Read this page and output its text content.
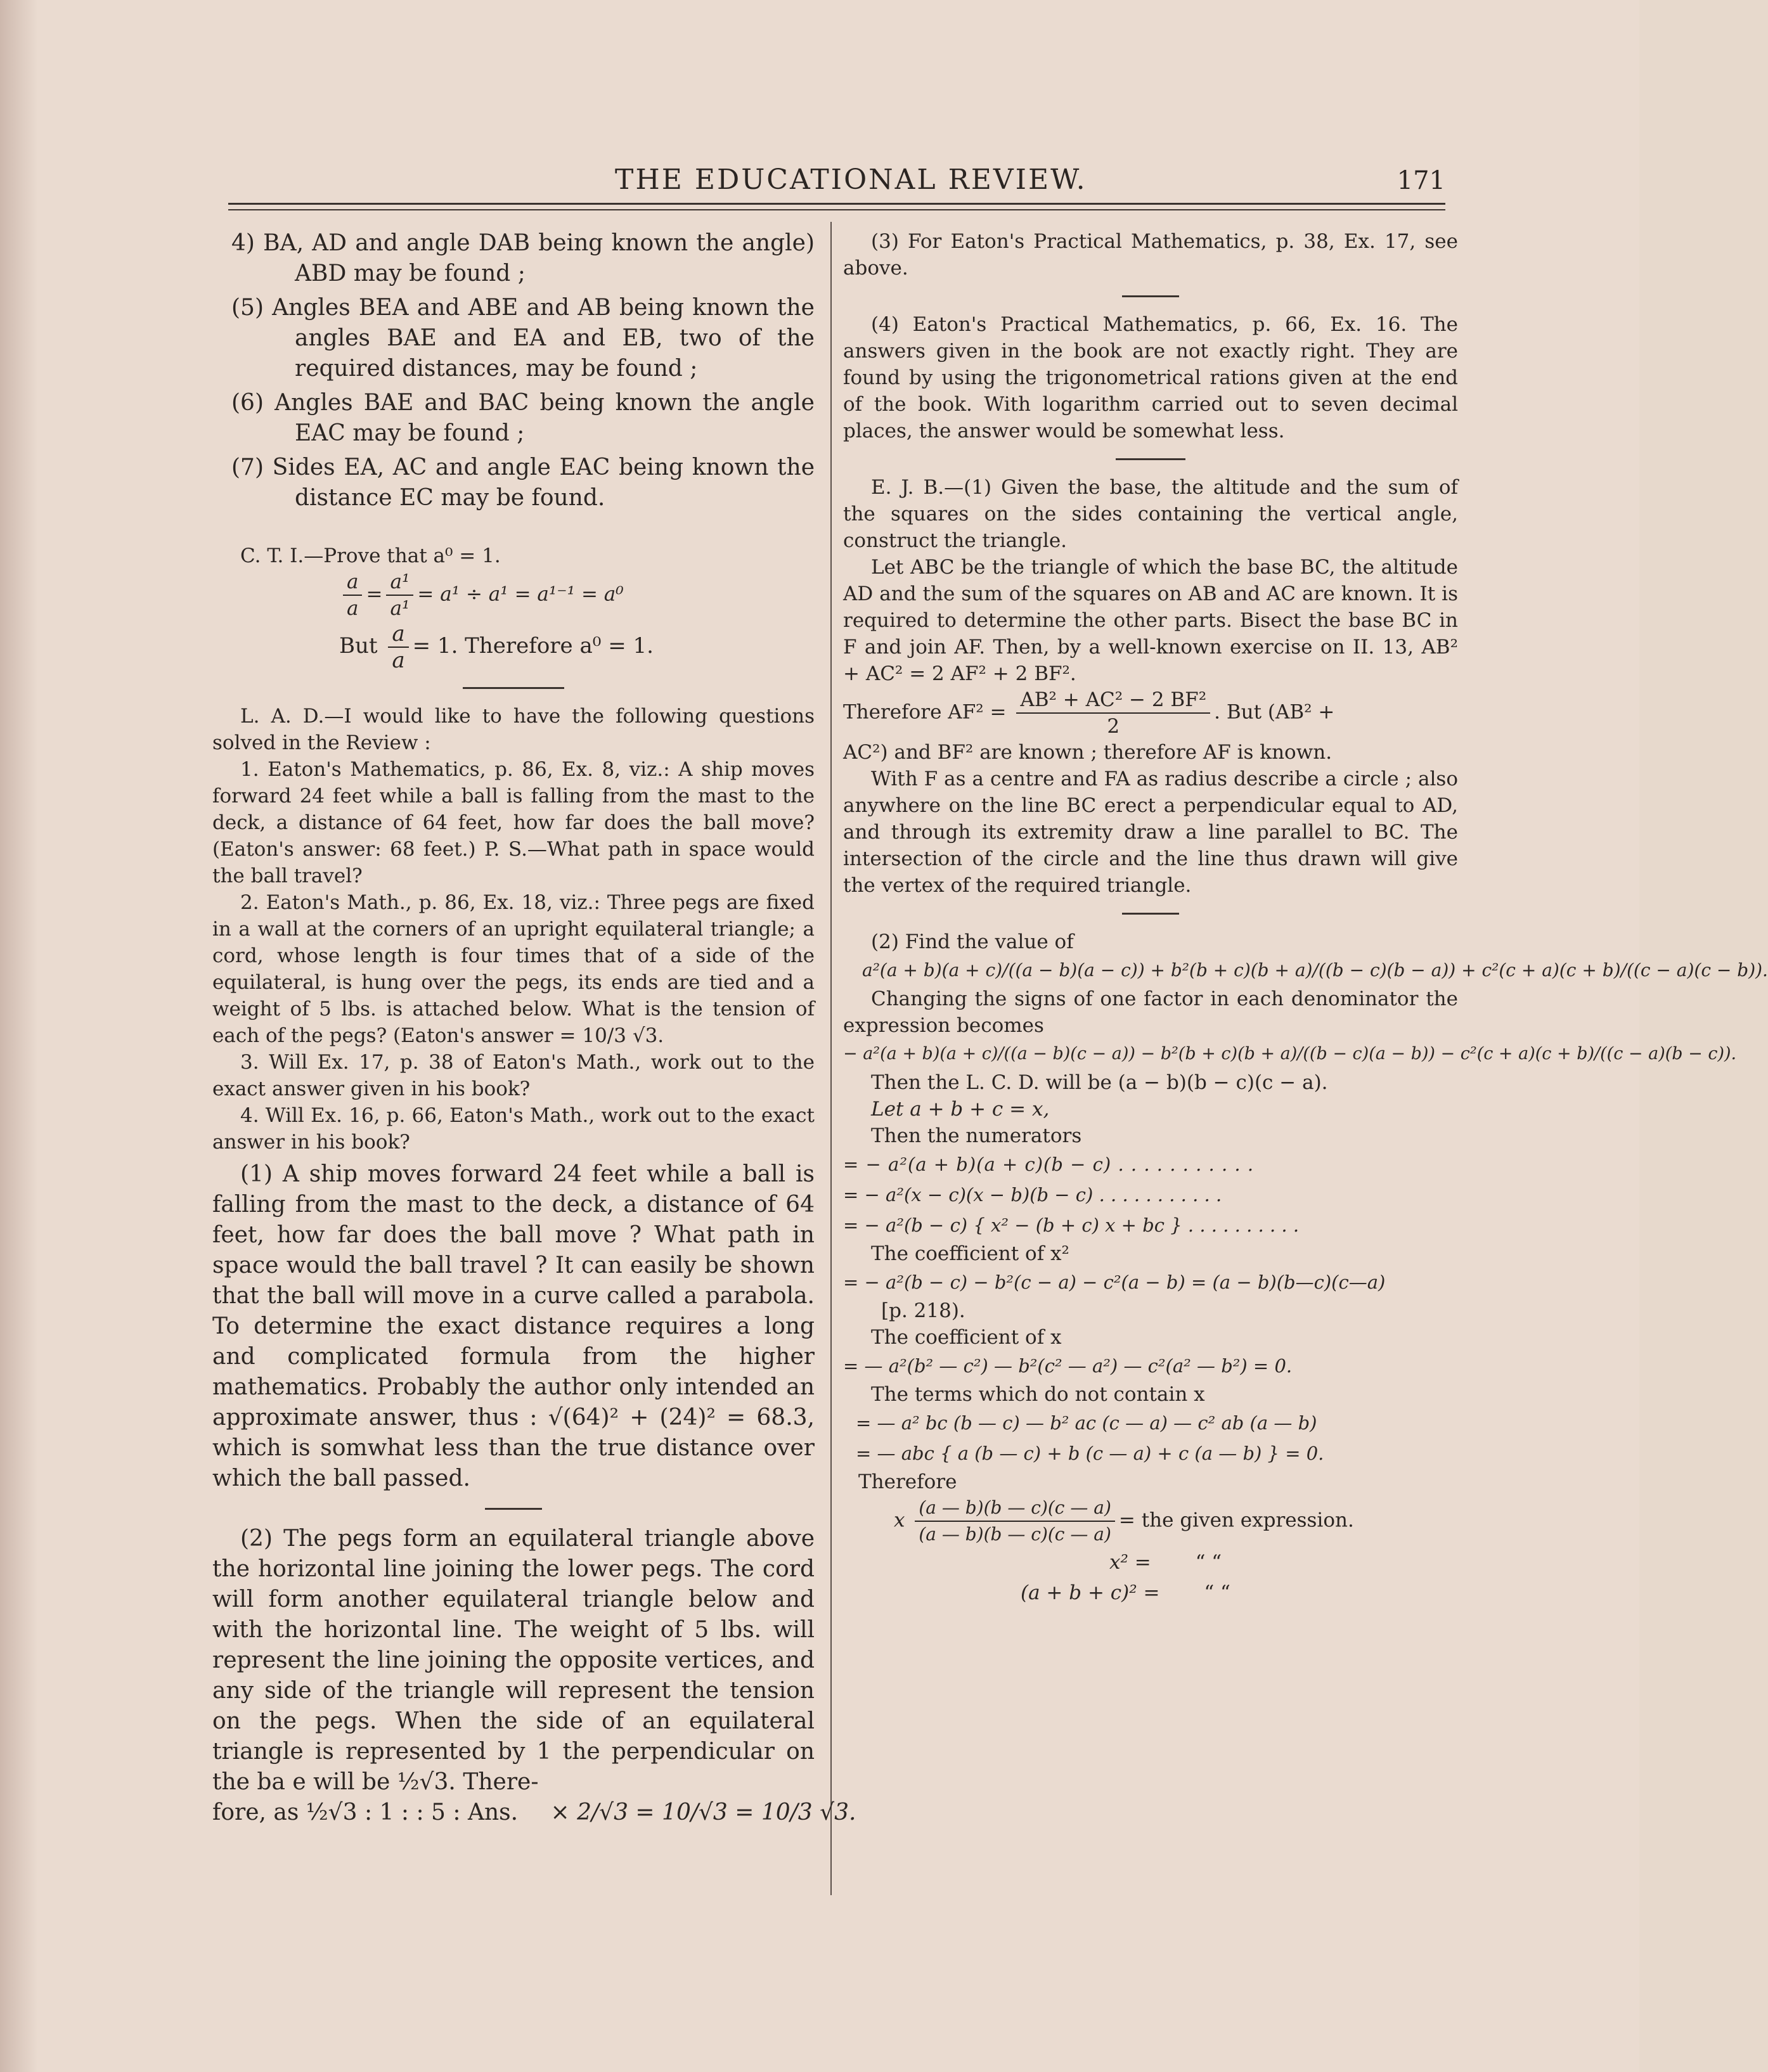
THE EDUCATIONAL REVIEW.	171

4) BA, AD and angle DAB being known the angle) ABD may be found ;

(5) Angles BEA and ABE and AB being known the angles BAE and EA and EB, two of the required distances, may be found ;

(6) Angles BAE and BAC being known the angle EAC may be found ;

(7) Sides EA, AC and angle EAC being known the distance EC may be found.

C. T. I.—Prove that a⁰ = 1.

$\frac{a}{a} = \frac{\text{a¹}}{\text{a¹}} = a^1 \div a^1 = a^{1-1} = a^0$
But $\frac{a}{a} = 1$. Therefore a⁰ = 1.

L. A. D.—I would like to have the following questions solved in the Review :

1. Eaton's Mathematics, p. 86, Ex. 8, viz.: A ship moves forward 24 feet while a ball is falling from the mast to the deck, a distance of 64 feet, how far does the ball move? (Eaton's answer: 68 feet.) P. S.—What path in space would the ball travel?

2. Eaton's Math., p. 86, Ex. 18, viz.: Three pegs are fixed in a wall at the corners of an upright equilateral triangle; a cord, whose length is four times that of a side of the equilateral, is hung over the pegs, its ends are tied and a weight of 5 lbs. is attached below. What is the tension of each of the pegs? (Eaton's answer = 10/3 √3.

3. Will Ex. 17, p. 38 of Eaton's Math., work out to the exact answer given in his book?

4. Will Ex. 16, p. 66, Eaton's Math., work out to the exact answer in his book?

(1) A ship moves forward 24 feet while a ball is falling from the mast to the deck, a distance of 64 feet, how far does the ball move ? What path in space would the ball travel ? It can easily be shown that the ball will move in a curve called a parabola. To determine the exact distance requires a long and complicated formula from the higher mathematics. Probably the author only intended an approximate answer, thus : √(64)² + (24)² = 68.3, which is somwhat less than the true distance over which the ball passed.

(2) The pegs form an equilateral triangle above the horizontal line joining the lower pegs. The cord will form another equilateral triangle below and with the horizontal line. The weight of 5 lbs. will represent the line joining the opposite vertices, and any side of the triangle will represent the tension on the pegs. When the side of an equilateral triangle is represented by 1 the perpendicular on the ba e will be ½√3. There-

fore, as ½√3 : 1 : : 5 : Ans. × 2/√3 = 10/√3 = 10/3 √3.

(3) For Eaton's Practical Mathematics, p. 38, Ex. 17, see above.

(4) Eaton's Practical Mathematics, p. 66, Ex. 16. The answers given in the book are not exactly right. They are found by using the trigonometrical rations given at the end of the book. With logarithm carried out to seven decimal places, the answer would be somewhat less.

E. J. B.—(1) Given the base, the altitude and the sum of the squares on the sides containing the vertical angle, construct the triangle.

Let ABC be the triangle of which the base BC, the altitude AD and the sum of the squares on AB and AC are known. It is required to determine the other parts. Bisect the base BC in F and join AF. Then, by a well-known exercise on II. 13, AB² + AC² = 2 AF² + 2 BF².

Therefore $AF^2 = \frac{\text{AB² + AC² − 2 BF²}}{2}$ . But (AB² +

AC²) and BF² are known ; therefore AF is known.

With F as a centre and FA as radius describe a circle ; also anywhere on the line BC erect a perpendicular equal to AD, and through its extremity draw a line parallel to BC. The intersection of the circle and the line thus drawn will give the vertex of the required triangle.

(2) Find the value of

a²(a + b)(a + c)/((a − b)(a − c)) + b²(b + c)(b + a)/((b − c)(b − a)) + c²(c + a)(c + b)/((c − a)(c − b)).

Changing the signs of one factor in each denominator the expression becomes

− a²(a + b)(a + c)/((a − b)(c − a)) − b²(b + c)(b + a)/((b − c)(a − b)) − c²(c + a)(c + b)/((c − a)(b − c)).

Then the L. C. D. will be (a − b)(b − c)(c − a).

Let a + b + c = x,

Then the numerators

= − a²(a + b)(a + c)(b − c) . . . . . . . . . . .

= − a²(x − c)(x − b)(b − c) . . . . . . . . . . .

= − a²(b − c) { x² − (b + c) x + bc } . . . . . . . . . .

The coefficient of x²

= − a²(b − c) − b²(c − a) − c²(a − b) = (a − b)(b—c)(c—a)

[p. 218).

The coefficient of x

= — a²(b² — c²) — b²(c² — a²) — c²(a² — b²) = 0.

The terms which do not contain x

= — a² bc (b — c) — b² ac (c — a) — c² ab (a — b)

= — abc { a (b — c) + b (c — a) + c (a — b) } = 0.

Therefore

x $\frac{(a — b)(b — c)(c — a)}{(a — b)(b — c)(c — a)}$ = the given expression.
x² = “ “
(a + b + c)² = “ “
